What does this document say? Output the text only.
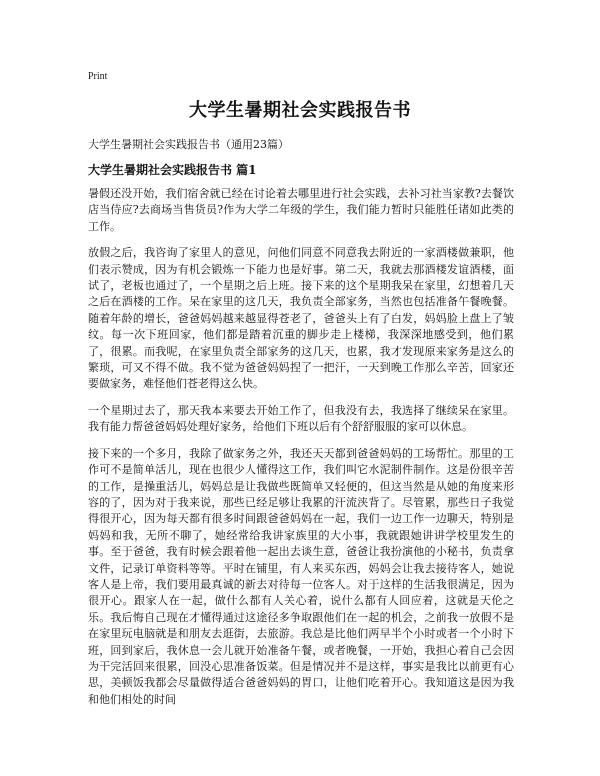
Print
大学生暑期社会实践报告书
大学生暑期社会实践报告书（通用23篇）
大学生暑期社会实践报告书 篇1

暑假还没开始，我们宿舍就已经在讨论着去哪里进行社会实践，去补习社当家教?去餐饮店当侍应?去商场当售货员?作为大学二年级的学生，我们能力暂时只能胜任诸如此类的工作。

放假之后，我咨询了家里人的意见，问他们同意不同意我去附近的一家酒楼做兼职，他们表示赞成，因为有机会锻炼一下能力也是好事。第二天，我就去那酒楼发谊酒楼，面试了，老板也通过了，一个星期之后上班。接下来的这个星期我呆在家里，幻想着几天之后在酒楼的工作。呆在家里的这几天，我负责全部家务，当然也包括准备午餐晚餐。随着年龄的增长，爸爸妈妈越来越显得苍老了，爸爸头上有了白发，妈妈脸上盘上了皱纹。每一次下班回家，他们都是踏着沉重的脚步走上楼梯，我深深地感受到，他们累了，很累。而我呢，在家里负责全部家务的这几天，也累，我才发现原来家务是这么的繁琐，可又不得不做。我不觉为爸爸妈妈捏了一把汗，一天到晚工作那么辛苦，回家还要做家务，难怪他们苍老得这么快。

一个星期过去了，那天我本来要去开始工作了，但我没有去，我选择了继续呆在家里。我有能力帮爸爸妈妈处理好家务，给他们下班以后有个舒舒服服的家可以休息。

接下来的一个多月，我除了做家务之外，我还天天都到爸爸妈妈的工场帮忙。那里的工作可不是简单活儿，现在也很少人懂得这工作，我们叫它水泥制件制作。这是份很辛苦的工作，是操重活儿，妈妈总是让我做些既简单又轻便的，但这当然是从她的角度来形容的了，因为对于我来说，那些已经足够让我累的汗流浃背了。尽管累，那些日子我觉得很开心，因为每天都有很多时间跟爸爸妈妈在一起，我们一边工作一边聊天，特别是妈妈和我，无所不聊了，她经常给我讲家族里的大小事，我就跟她讲讲学校里发生的事。至于爸爸，我有时候会跟着他一起出去谈生意，爸爸让我扮演他的小秘书，负责拿文件，记录订单资料等等。平时在铺里，有人来买东西，妈妈会让我去接待客人，她说客人是上帝，我们要用最真诚的新去对待每一位客人。对于这样的生活我很满足，因为很开心。跟家人在一起，做什么都有人关心着，说什么都有人回应着，这就是天伦之乐。我后悔自己现在才懂得通过这途径多争取跟他们在一起的机会，之前我一放假不是在家里玩电脑就是和朋友去逛街，去旅游。我总是比他们两早半个小时或者一个小时下班，回到家后，我休息一会儿就开始准备午餐，或者晚餐，一开始，我担心着自己会因为干完活回来很累，回没心思准备饭菜。但是情况并不是这样，事实是我比以前更有心思，美顿饭我都会尽量做得适合爸爸妈妈的胃口，让他们吃着开心。我知道这是因为我和他们相处的时间
